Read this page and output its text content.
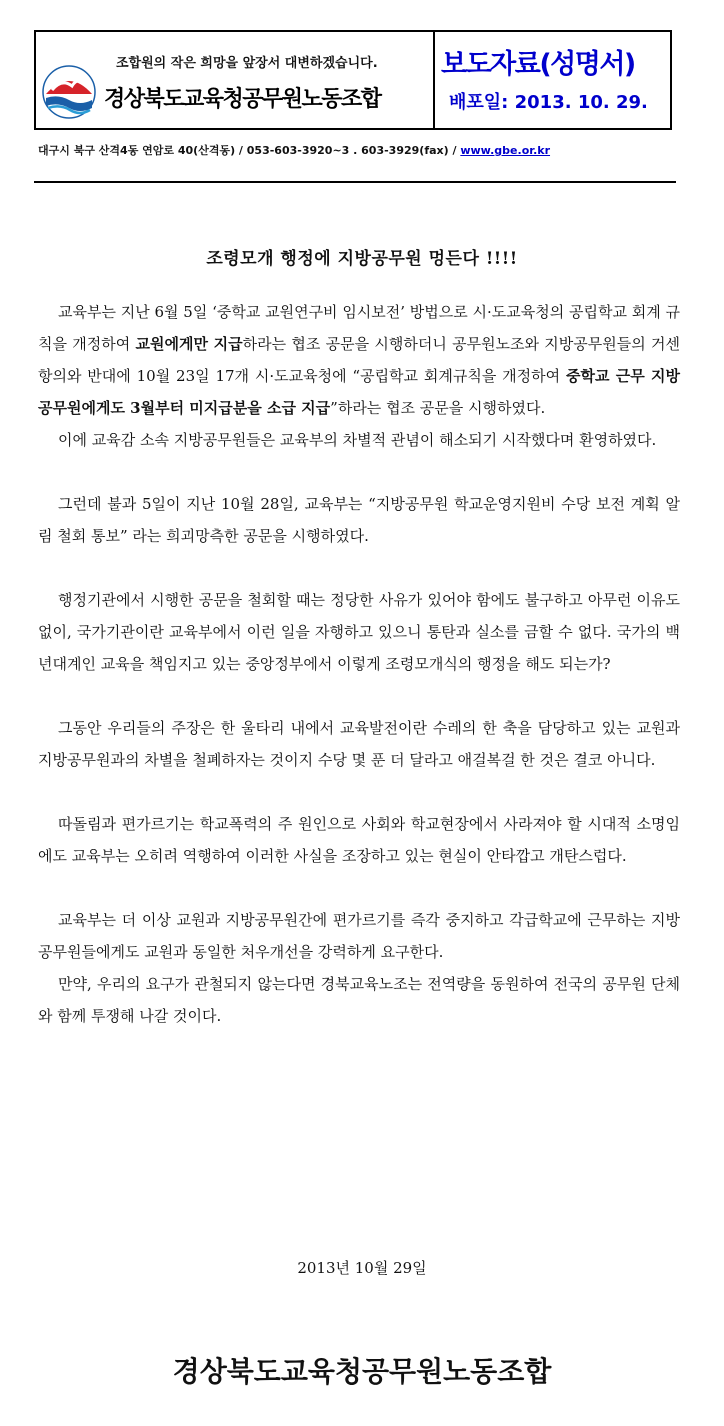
조합원의 작은 희망을 앞장서 대변하겠습니다.
경상북도교육청공무원노동조합
보도자료(성명서)
배포일: 2013. 10. 29.
대구시 북구 산격4동 연암로 40(산격동) / 053-603-3920~3 . 603-3929(fax) / www.gbe.or.kr
조령모개 행정에 지방공무원 멍든다 !!!!

교육부는 지난 6월 5일 ‘중학교 교원연구비 임시보전’ 방법으로 시·도교육청의 공립학교 회계 규칙을 개정하여 교원에게만 지급하라는 협조 공문을 시행하더니 공무원노조와 지방공무원들의 거센 항의와 반대에 10월 23일 17개 시·도교육청에 “공립학교 회계규칙을 개정하여 중학교 근무 지방공무원에게도 3월부터 미지급분을 소급 지급”하라는 협조 공문을 시행하였다.

이에 교육감 소속 지방공무원들은 교육부의 차별적 관념이 해소되기 시작했다며 환영하였다.

그런데 불과 5일이 지난 10월 28일, 교육부는 “지방공무원 학교운영지원비 수당 보전 계획 알림 철회 통보” 라는 희괴망측한 공문을 시행하였다.

행정기관에서 시행한 공문을 철회할 때는 정당한 사유가 있어야 함에도 불구하고 아무런 이유도 없이, 국가기관이란 교육부에서 이런 일을 자행하고 있으니 통탄과 실소를 금할 수 없다. 국가의 백년대계인 교육을 책임지고 있는 중앙정부에서 이렇게 조령모개식의 행정을 해도 되는가?

그동안 우리들의 주장은 한 울타리 내에서 교육발전이란 수레의 한 축을 담당하고 있는 교원과 지방공무원과의 차별을 철폐하자는 것이지 수당 몇 푼 더 달라고 애걸복걸 한 것은 결코 아니다.

따돌림과 편가르기는 학교폭력의 주 원인으로 사회와 학교현장에서 사라져야 할 시대적 소명임에도 교육부는 오히려 역행하여 이러한 사실을 조장하고 있는 현실이 안타깝고 개탄스럽다.

교육부는 더 이상 교원과 지방공무원간에 편가르기를 즉각 중지하고 각급학교에 근무하는 지방공무원들에게도 교원과 동일한 처우개선을 강력하게 요구한다.

만약, 우리의 요구가 관철되지 않는다면 경북교육노조는 전역량을 동원하여 전국의 공무원 단체와 함께 투쟁해 나갈 것이다.

2013년 10월 29일
경상북도교육청공무원노동조합
